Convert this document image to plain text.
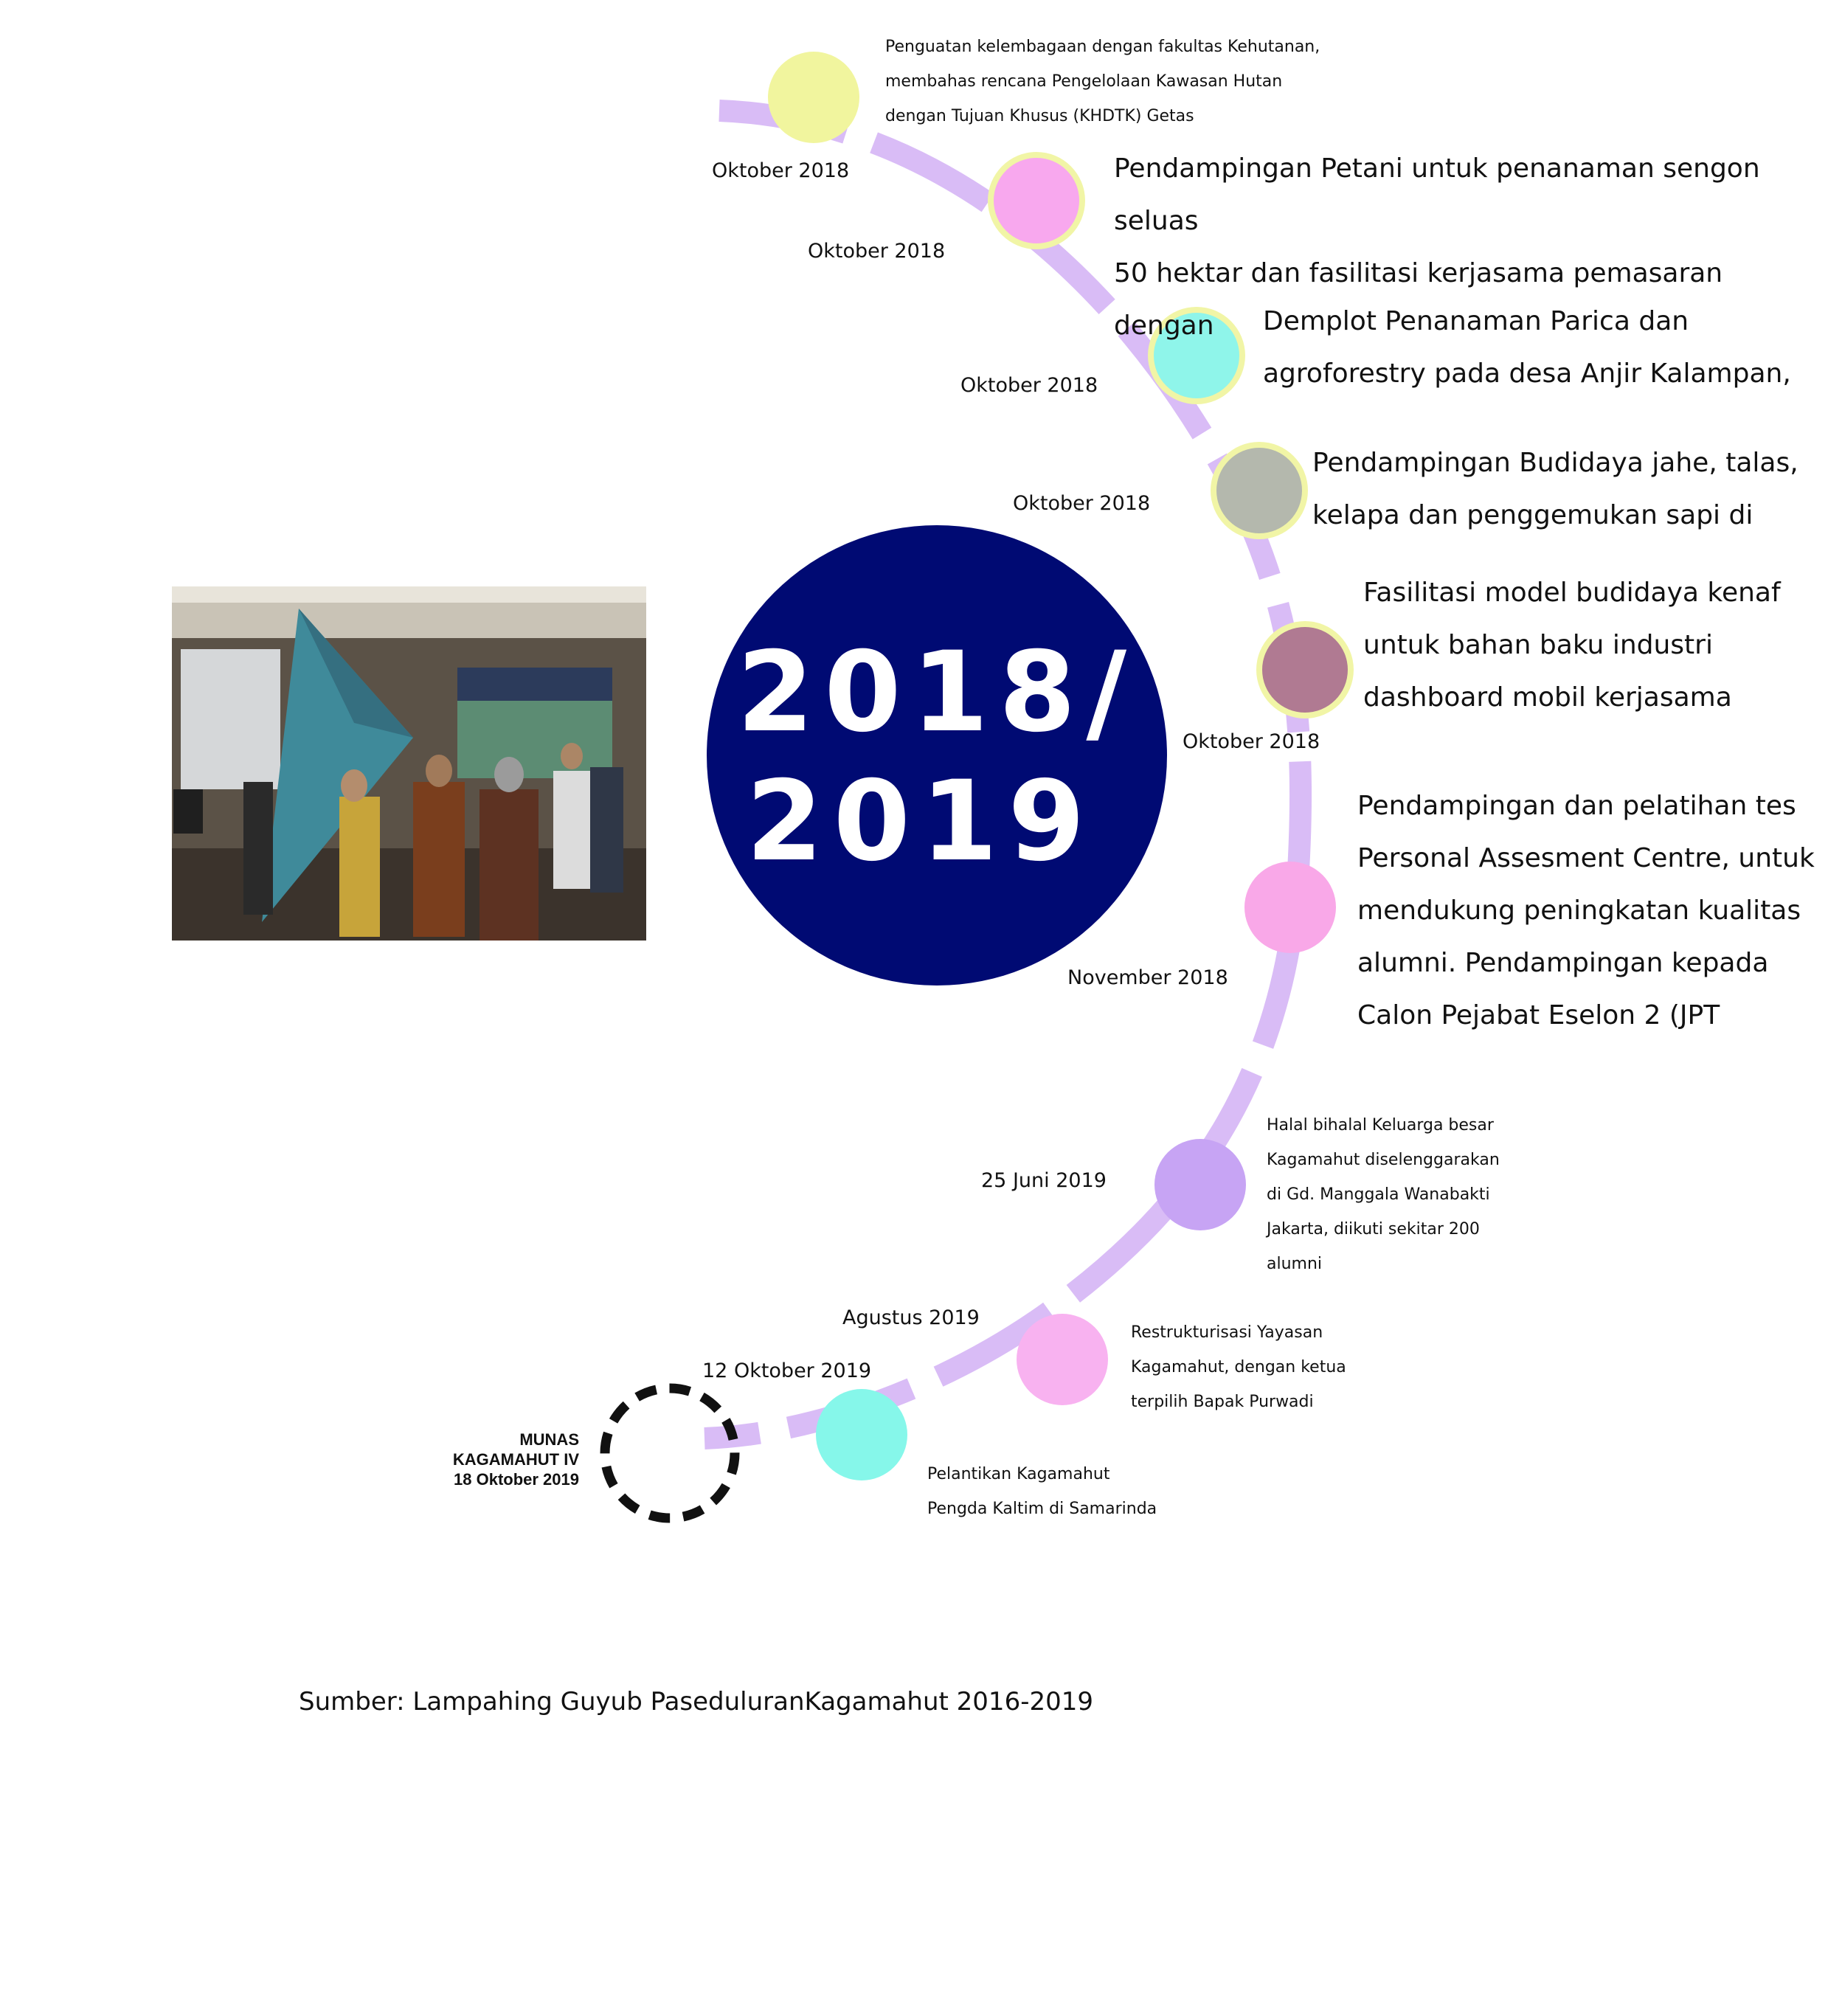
2018/
2019
Oktober 2018
Oktober 2018
Oktober 2018
Oktober 2018
Oktober 2018
November 2018
25 Juni 2019
Agustus 2019
12 Oktober 2019
Penguatan kelembagaan dengan fakultas Kehutanan,
membahas rencana Pengelolaan Kawasan Hutan
dengan Tujuan Khusus (KHDTK) Getas
Pendampingan Petani untuk penanaman sengon seluas
50 hektar dan fasilitasi kerjasama pemasaran dengan	Demplot Penanaman Parica dan
agroforestry pada desa Anjir Kalampan,
Pendampingan Budidaya jahe, talas,
kelapa dan penggemukan sapi di
Fasilitasi model budidaya kenaf
untuk bahan baku industri
dashboard mobil kerjasama
Pendampingan dan pelatihan tes
Personal Assesment Centre, untuk
mendukung peningkatan kualitas
alumni. Pendampingan kepada
Calon Pejabat Eselon 2 (JPT
Halal bihalal Keluarga besar
Kagamahut diselenggarakan
di Gd. Manggala Wanabakti
Jakarta, diikuti sekitar 200
alumni
Restrukturisasi Yayasan
Kagamahut, dengan ketua
terpilih Bapak Purwadi
Pelantikan Kagamahut
Pengda Kaltim di Samarinda
MUNAS
KAGAMAHUT IV
18 Oktober 2019
Sumber: Lampahing Guyub PaseduluranKagamahut 2016-2019
